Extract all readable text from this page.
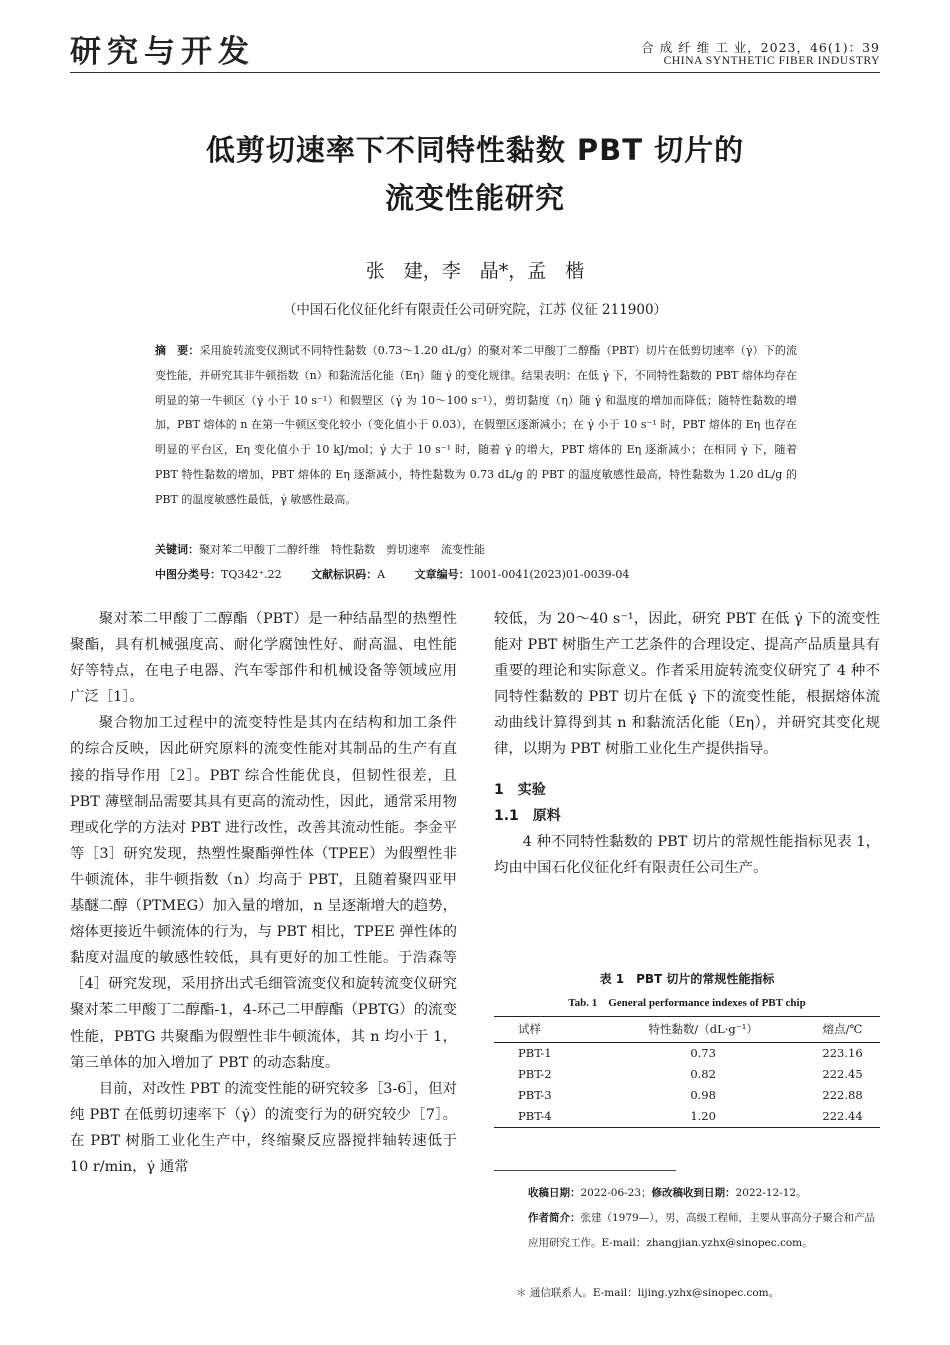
研究与开发	合 成 纤 维 工 业，2023，46(1)：39
CHINA SYNTHETIC FIBER INDUSTRY
低剪切速率下不同特性黏数 PBT 切片的
流变性能研究
张　建，李　晶*，孟　楷
（中国石化仪征化纤有限责任公司研究院，江苏 仪征 211900）
摘　要：采用旋转流变仪测试不同特性黏数（0.73～1.20 dL/g）的聚对苯二甲酸丁二醇酯（PBT）切片在低剪切速率（γ̇）下的流变性能，并研究其非牛顿指数（n）和黏流活化能（Eη）随 γ̇ 的变化规律。结果表明：在低 γ̇ 下，不同特性黏数的 PBT 熔体均存在明显的第一牛顿区（γ̇ 小于 10 s⁻¹）和假塑区（γ̇ 为 10～100 s⁻¹），剪切黏度（η）随 γ̇ 和温度的增加而降低；随特性黏数的增加，PBT 熔体的 n 在第一牛顿区变化较小（变化值小于 0.03），在假塑区逐渐减小；在 γ̇ 小于 10 s⁻¹ 时，PBT 熔体的 Eη 也存在明显的平台区，Eη 变化值小于 10 kJ/mol；γ̇ 大于 10 s⁻¹ 时，随着 γ̇ 的增大，PBT 熔体的 Eη 逐渐减小；在相同 γ̇ 下，随着 PBT 特性黏数的增加，PBT 熔体的 Eη 逐渐减小，特性黏数为 0.73 dL/g 的 PBT 的温度敏感性最高，特性黏数为 1.20 dL/g 的 PBT 的温度敏感性最低，γ̇ 敏感性最高。
关键词：聚对苯二甲酸丁二醇纤维　特性黏数　剪切速率　流变性能
中图分类号：TQ342⁺.22	文献标识码：A	文章编号：1001-0041(2023)01-0039-04

聚对苯二甲酸丁二醇酯（PBT）是一种结晶型的热塑性聚酯，具有机械强度高、耐化学腐蚀性好、耐高温、电性能好等特点，在电子电器、汽车零部件和机械设备等领域应用广泛［1］。

聚合物加工过程中的流变特性是其内在结构和加工条件的综合反映，因此研究原料的流变性能对其制品的生产有直接的指导作用［2］。PBT 综合性能优良，但韧性很差，且 PBT 薄壁制品需要其具有更高的流动性，因此，通常采用物理或化学的方法对 PBT 进行改性，改善其流动性能。李金平等［3］研究发现，热塑性聚酯弹性体（TPEE）为假塑性非牛顿流体，非牛顿指数（n）均高于 PBT，且随着聚四亚甲基醚二醇（PTMEG）加入量的增加，n 呈逐渐增大的趋势，熔体更接近牛顿流体的行为，与 PBT 相比，TPEE 弹性体的黏度对温度的敏感性较低，具有更好的加工性能。于浩森等［4］研究发现，采用挤出式毛细管流变仪和旋转流变仪研究聚对苯二甲酸丁二醇酯-1，4-环己二甲醇酯（PBTG）的流变性能，PBTG 共聚酯为假塑性非牛顿流体，其 n 均小于 1，第三单体的加入增加了 PBT 的动态黏度。

目前，对改性 PBT 的流变性能的研究较多［3-6］，但对纯 PBT 在低剪切速率下（γ̇）的流变行为的研究较少［7］。在 PBT 树脂工业化生产中，终缩聚反应器搅拌轴转速低于 10 r/min，γ̇ 通常

较低，为 20～40 s⁻¹，因此，研究 PBT 在低 γ̇ 下的流变性能对 PBT 树脂生产工艺条件的合理设定、提高产品质量具有重要的理论和实际意义。作者采用旋转流变仪研究了 4 种不同特性黏数的 PBT 切片在低 γ̇ 下的流变性能，根据熔体流动曲线计算得到其 n 和黏流活化能（Eη），并研究其变化规律，以期为 PBT 树脂工业化生产提供指导。

1　实验
1.1　原料

4 种不同特性黏数的 PBT 切片的常规性能指标见表 1，均由中国石化仪征化纤有限责任公司生产。

表 1　PBT 切片的常规性能指标
Tab. 1　General performance indexes of PBT chip
试样	特性黏数/（dL·g⁻¹）	熔点/℃
PBT-1	0.73	223.16
PBT-2	0.82	222.45
PBT-3	0.98	222.88
PBT-4	1.20	222.44
收稿日期：2022-06-23；修改稿收到日期：2022-12-12。
作者简介：张建（1979—），男，高级工程师，主要从事高分子聚合和产品应用研究工作。E-mail：zhangjian.yzhx@sinopec.com。
＊ 通信联系人。E-mail：lijing.yzhx@sinopec.com。
